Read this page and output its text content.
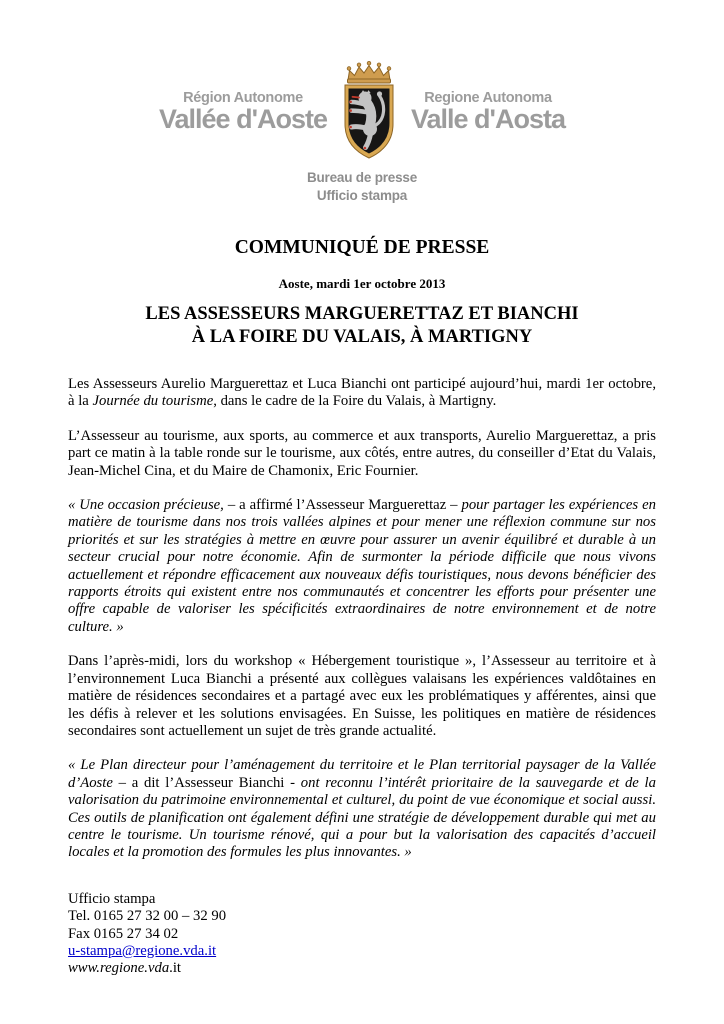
Région Autonome
Vallée d'Aoste
Regione Autonoma
Valle d'Aosta
Bureau de presse
Ufficio stampa
COMMUNIQUÉ DE PRESSE
Aoste, mardi 1er octobre 2013
LES ASSESSEURS MARGUERETTAZ ET BIANCHI
À LA FOIRE DU VALAIS, À MARTIGNY

Les Assesseurs Aurelio Marguerettaz et Luca Bianchi ont participé aujourd’hui, mardi 1er octobre, à la Journée du tourisme, dans le cadre de la Foire du Valais, à Martigny.

L’Assesseur au tourisme, aux sports, au commerce et aux transports, Aurelio Marguerettaz, a pris part ce matin à la table ronde sur le tourisme, aux côtés, entre autres, du conseiller d’Etat du Valais, Jean-Michel Cina, et du Maire de Chamonix, Eric Fournier.

« Une occasion précieuse, – a affirmé l’Assesseur Marguerettaz – pour partager les expériences en matière de tourisme dans nos trois vallées alpines et pour mener une réflexion commune sur nos priorités et sur les stratégies à mettre en œuvre pour assurer un avenir équilibré et durable à un secteur crucial pour notre économie. Afin de surmonter la période difficile que nous vivons actuellement et répondre efficacement aux nouveaux défis touristiques, nous devons bénéficier des rapports étroits qui existent entre nos communautés et concentrer les efforts pour présenter une offre capable de valoriser les spécificités extraordinaires de notre environnement et de notre culture. »

Dans l’après-midi, lors du workshop « Hébergement touristique », l’Assesseur au territoire et à l’environnement Luca Bianchi a présenté aux collègues valaisans les expériences valdôtaines en matière de résidences secondaires et a partagé avec eux les problématiques y afférentes, ainsi que les défis à relever et les solutions envisagées. En Suisse, les politiques en matière de résidences secondaires sont actuellement un sujet de très grande actualité.

« Le Plan directeur pour l’aménagement du territoire et le Plan territorial paysager de la Vallée d’Aoste – a dit l’Assesseur Bianchi - ont reconnu l’intérêt prioritaire de la sauvegarde et de la valorisation du patrimoine environnemental et culturel, du point de vue économique et social aussi. Ces outils de planification ont également défini une stratégie de développement durable qui met au centre le tourisme. Un tourisme rénové, qui a pour but la valorisation des capacités d’accueil locales et la promotion des formules les plus innovantes. »

Ufficio stampa
Tel. 0165 27 32 00 – 32 90
Fax 0165 27 34 02
u-stampa@regione.vda.it
www.regione.vda.it
